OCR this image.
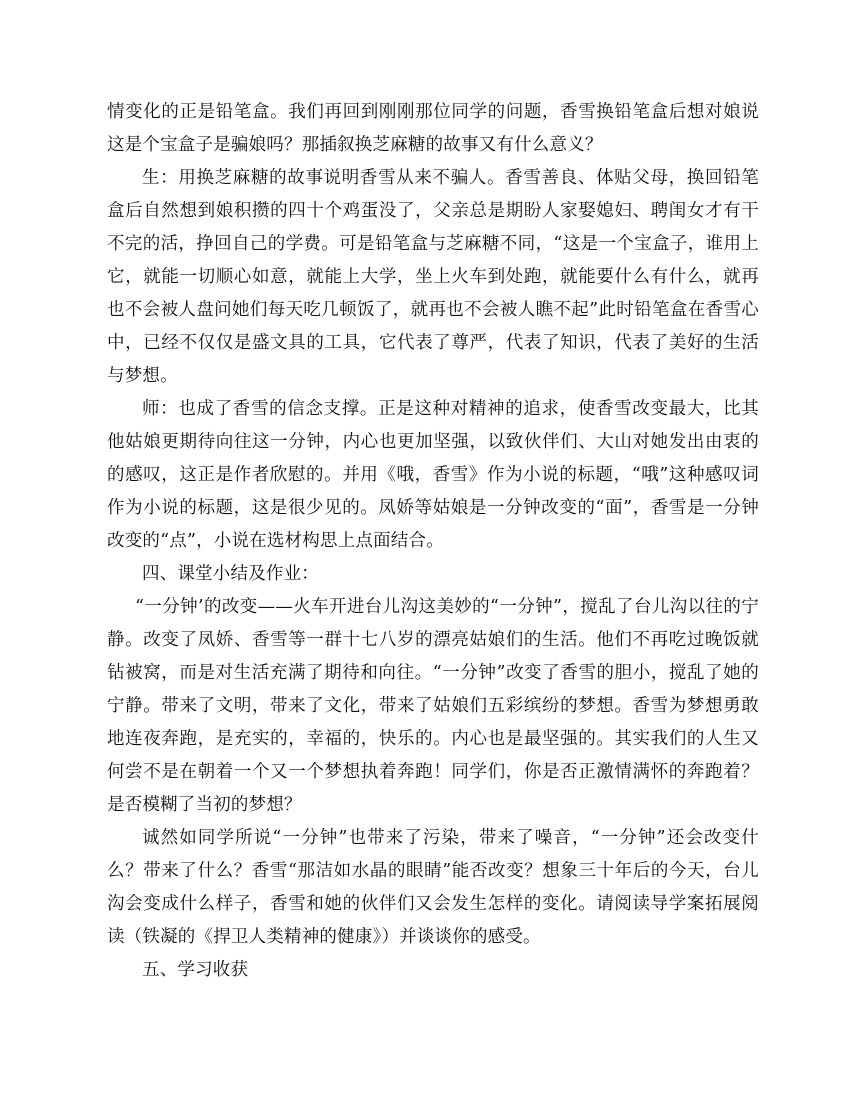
情变化的正是铅笔盒。我们再回到刚刚那位同学的问题，香雪换铅笔盒后想对娘说这是个宝盒子是骗娘吗？那插叙换芝麻糖的故事又有什么意义？

生：用换芝麻糖的故事说明香雪从来不骗人。香雪善良、体贴父母，换回铅笔盒后自然想到娘积攒的四十个鸡蛋没了，父亲总是期盼人家娶媳妇、聘闺女才有干不完的活，挣回自己的学费。可是铅笔盒与芝麻糖不同，“这是一个宝盒子，谁用上它，就能一切顺心如意，就能上大学，坐上火车到处跑，就能要什么有什么，就再也不会被人盘问她们每天吃几顿饭了，就再也不会被人瞧不起”此时铅笔盒在香雪心中，已经不仅仅是盛文具的工具，它代表了尊严，代表了知识，代表了美好的生活与梦想。

师：也成了香雪的信念支撑。正是这种对精神的追求，使香雪改变最大，比其他姑娘更期待向往这一分钟，内心也更加坚强，以致伙伴们、大山对她发出由衷的的感叹，这正是作者欣慰的。并用《哦，香雪》作为小说的标题，“哦”这种感叹词作为小说的标题，这是很少见的。凤娇等姑娘是一分钟改变的“面”，香雪是一分钟改变的“点”，小说在选材构思上点面结合。

四、课堂小结及作业：

“一分钟’的改变——火车开进台儿沟这美妙的“一分钟”，搅乱了台儿沟以往的宁静。改变了凤娇、香雪等一群十七八岁的漂亮姑娘们的生活。他们不再吃过晚饭就钻被窝，而是对生活充满了期待和向往。“一分钟”改变了香雪的胆小，搅乱了她的宁静。带来了文明，带来了文化，带来了姑娘们五彩缤纷的梦想。香雪为梦想勇敢地连夜奔跑，是充实的，幸福的，快乐的。内心也是最坚强的。其实我们的人生又何尝不是在朝着一个又一个梦想执着奔跑！同学们，你是否正激情满怀的奔跑着？是否模糊了当初的梦想？

诚然如同学所说“一分钟”也带来了污染，带来了噪音，“一分钟”还会改变什么？带来了什么？香雪“那洁如水晶的眼睛”能否改变？想象三十年后的今天，台儿沟会变成什么样子，香雪和她的伙伴们又会发生怎样的变化。请阅读导学案拓展阅读（铁凝的《捍卫人类精神的健康》）并谈谈你的感受。

五、学习收获
